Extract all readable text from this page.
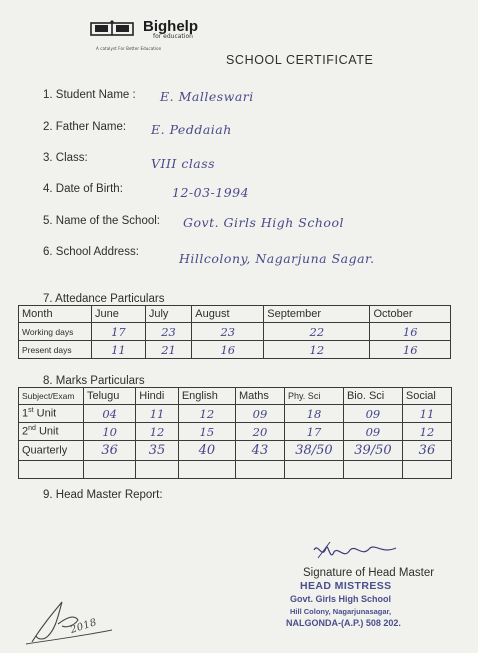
Bighelp
for education
A catalyst For Better Education
SCHOOL CERTIFICATE
1. Student Name : E. Malleswari
2. Father Name: E. Peddaiah
3. Class:	VIII class
4. Date of Birth:	12-03-1994
5. Name of the School: Govt. Girls High School
6. School Address:	Hillcolony, Nagarjuna Sagar.
7. Attedance Particulars
Month	June	July	August	September	October
Working days	17	23	23	22	16
Present days	11	21	16	12	16
8. Marks Particulars
Subject/Exam	Telugu	Hindi	English	Maths	Phy. Sci	Bio. Sci	Social
1st Unit	04	11	12	09	18	09	11
2nd Unit	10	12	15	20	17	09	12
Quarterly	36	35	40	43	38/50	39/50	36

9. Head Master Report:
Signature of Head Master
HEAD MISTRESS
Govt. Girls High School
Hill Colony, Nagarjunasagar,
NALGONDA-(A.P.) 508 202.
2018
